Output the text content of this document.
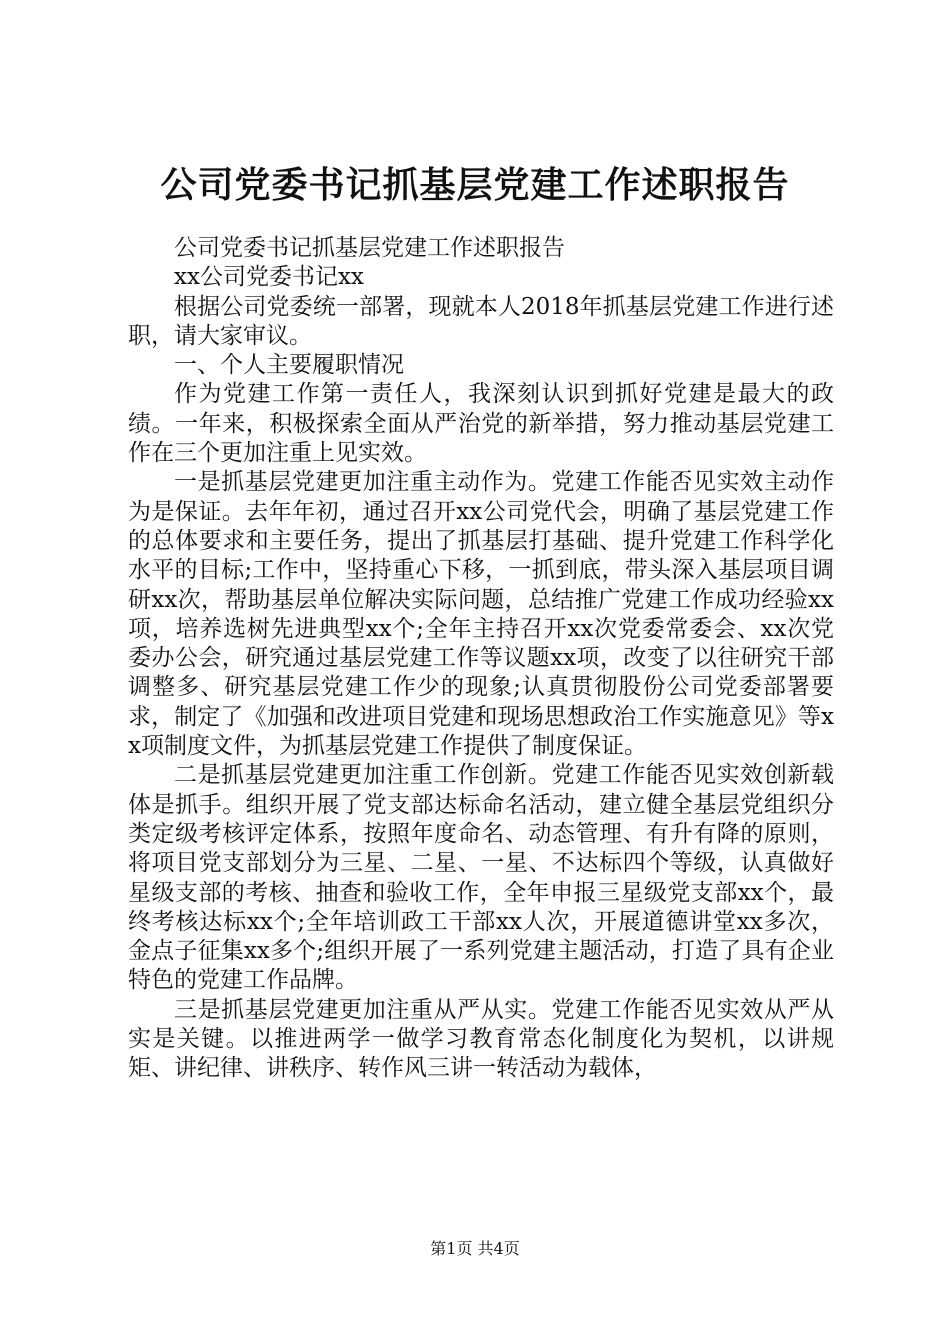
公司党委书记抓基层党建工作述职报告

公司党委书记抓基层党建工作述职报告

xx公司党委书记xx

根据公司党委统一部署，现就本人2018年抓基层党建工作进行述职，请大家审议。

一、个人主要履职情况

作为党建工作第一责任人，我深刻认识到抓好党建是最大的政绩。一年来，积极探索全面从严治党的新举措，努力推动基层党建工作在三个更加注重上见实效。

一是抓基层党建更加注重主动作为。党建工作能否见实效主动作为是保证。去年年初，通过召开xx公司党代会，明确了基层党建工作的总体要求和主要任务，提出了抓基层打基础、提升党建工作科学化水平的目标;工作中，坚持重心下移，一抓到底，带头深入基层项目调研xx次，帮助基层单位解决实际问题，总结推广党建工作成功经验xx项，培养选树先进典型xx个;全年主持召开xx次党委常委会、xx次党委办公会，研究通过基层党建工作等议题xx项，改变了以往研究干部调整多、研究基层党建工作少的现象;认真贯彻股份公司党委部署要求，制定了《加强和改进项目党建和现场思想政治工作实施意见》等xx项制度文件，为抓基层党建工作提供了制度保证。

二是抓基层党建更加注重工作创新。党建工作能否见实效创新载体是抓手。组织开展了党支部达标命名活动，建立健全基层党组织分类定级考核评定体系，按照年度命名、动态管理、有升有降的原则，将项目党支部划分为三星、二星、一星、不达标四个等级，认真做好星级支部的考核、抽查和验收工作，全年申报三星级党支部xx个，最终考核达标xx个;全年培训政工干部xx人次，开展道德讲堂xx多次，金点子征集xx多个;组织开展了一系列党建主题活动，打造了具有企业特色的党建工作品牌。

三是抓基层党建更加注重从严从实。党建工作能否见实效从严从实是关键。以推进两学一做学习教育常态化制度化为契机，以讲规矩、讲纪律、讲秩序、转作风三讲一转活动为载体，

第1页 共4页
